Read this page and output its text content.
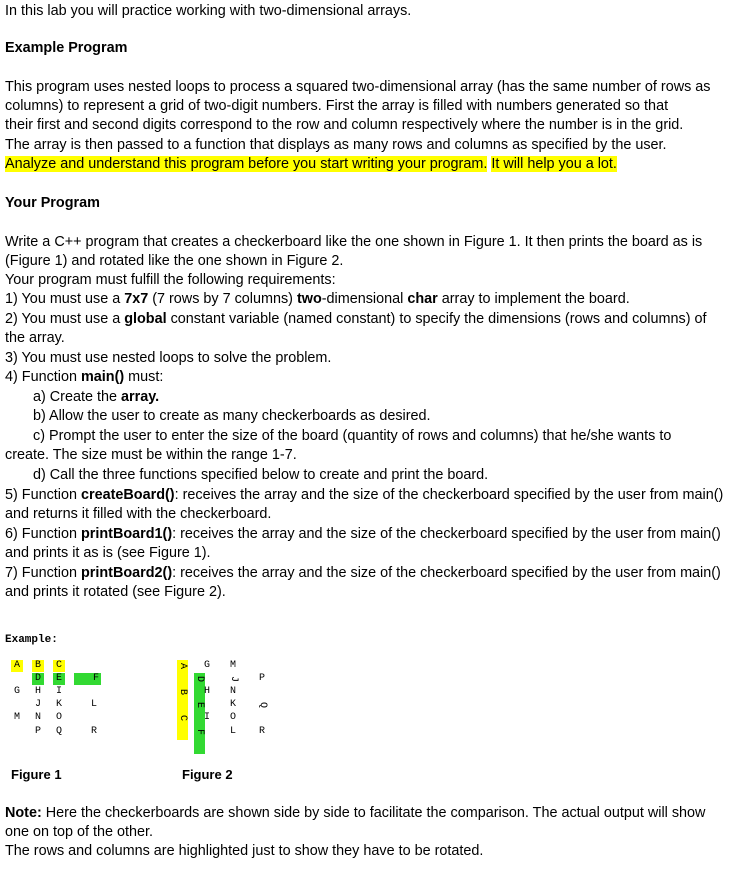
In this lab you will practice working with two-dimensional arrays.
Example Program
This program uses nested loops to process a squared two-dimensional array (has the same number of rows as
columns) to represent a grid of two-digit numbers. First the array is filled with numbers generated so that
their first and second digits correspond to the row and column respectively where the number is in the grid.
The array is then passed to a function that displays as many rows and columns as specified by the user.
Analyze and understand this program before you start writing your program. It will help you a lot.
Your Program
Write a C++ program that creates a checkerboard like the one shown in Figure 1. It then prints the board as is
(Figure 1) and rotated like the one shown in Figure 2.
Your program must fulfill the following requirements:
1) You must use a 7x7 (7 rows by 7 columns) two-dimensional char array to implement the board.
2) You must use a global constant variable (named constant) to specify the dimensions (rows and columns) of
the array.
3) You must use nested loops to solve the problem.
4) Function main() must:
a) Create the array.
b) Allow the user to create as many checkerboards as desired.
c) Prompt the user to enter the size of the board (quantity of rows and columns) that he/she wants to
create. The size must be within the range 1-7.
d) Call the three functions specified below to create and print the board.
5) Function createBoard(): receives the array and the size of the checkerboard specified by the user from main()
and returns it filled with the checkerboard.
6) Function printBoard1(): receives the array and the size of the checkerboard specified by the user from main()
and prints it as is (see Figure 1).
7) Function printBoard2(): receives the array and the size of the checkerboard specified by the user from main()
and prints it rotated (see Figure 2).
Example:
A	B	C
D	E	F
G	H	I
J	K	L
M	N	O
P	Q	R
A G	M
D J P
B H	N
E K	Q
C I	O
F L	R
Figure 1	Figure 2
Note: Here the checkerboards are shown side by side to facilitate the comparison. The actual output will show
one on top of the other.
The rows and columns are highlighted just to show they have to be rotated.
